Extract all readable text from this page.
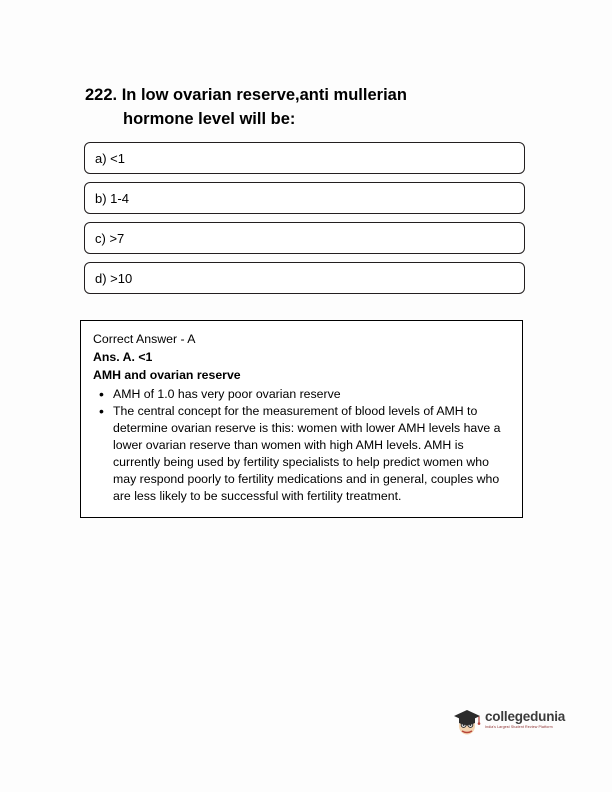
222. In low ovarian reserve,anti mullerian
hormone level will be:
a) <1
b) 1-4
c) >7
d) >10

Correct Answer - A

Ans. A. <1

AMH and ovarian reserve

• AMH of 1.0 has very poor ovarian reserve
• The central concept for the measurement of blood levels of AMH to determine ovarian reserve is this: women with lower AMH levels have a lower ovarian reserve than women with high AMH levels. AMH is currently being used by fertility specialists to help predict women who may respond poorly to fertility medications and in general, couples who are less likely to be successful with fertility treatment.
collegedunia
India's Largest Student Review Platform
